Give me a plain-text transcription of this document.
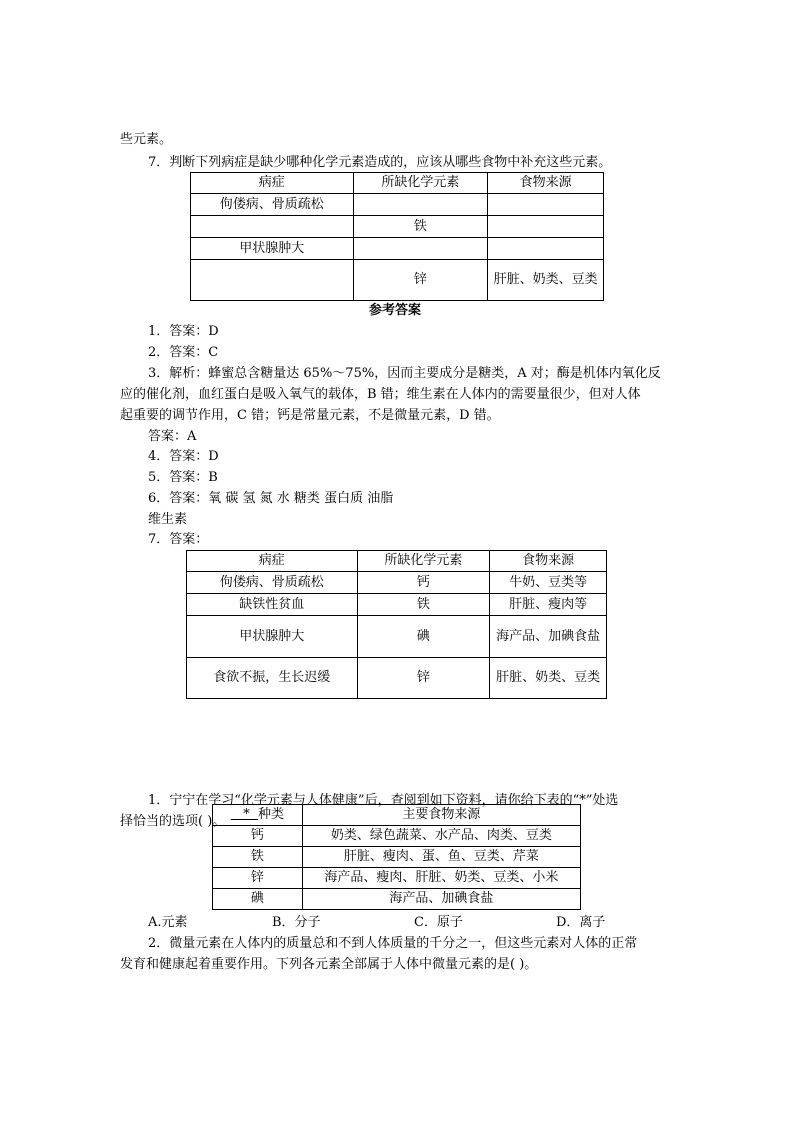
些元素。
7．判断下列病症是缺少哪种化学元素造成的，应该从哪些食物中补充这些元素。
病症	所缺化学元素	食物来源
佝偻病、骨质疏松		
	铁	
甲状腺肿大		
	锌	肝脏、奶类、豆类
参考答案
1．答案：D
2．答案：C
3．解析：蜂蜜总含糖量达 65%～75%，因而主要成分是糖类，A 对；酶是机体内氧化反
应的催化剂，血红蛋白是吸入氧气的载体，B 错；维生素在人体内的需要量很少，但对人体
起重要的调节作用，C 错；钙是常量元素，不是微量元素，D 错。
答案：A
4．答案：D
5．答案：B
6．答案：氧 碳 氢 氮 水 糖类 蛋白质 油脂
维生素
7．答案：
病症	所缺化学元素	食物来源
佝偻病、骨质疏松	钙	牛奶、豆类等
缺铁性贫血	铁	肝脏、瘦肉等
甲状腺肿大	碘	海产品、加碘食盐
食欲不振，生长迟缓	锌	肝脏、奶类、豆类
1．宁宁在学习“化学元素与人体健康”后，查阅到如下资料，请你给下表的“*”处选
择恰当的选项( )。 * 种类	主要食物来源
钙	奶类、绿色蔬菜、水产品、肉类、豆类
铁	肝脏、瘦肉、蛋、鱼、豆类、芹菜
锌	海产品、瘦肉、肝脏、奶类、豆类、小米
碘	海产品、加碘食盐
A.元素	B．分子	C．原子	D．离子
2．微量元素在人体内的质量总和不到人体质量的千分之一，但这些元素对人体的正常
发育和健康起着重要作用。下列各元素全部属于人体中微量元素的是( )。
